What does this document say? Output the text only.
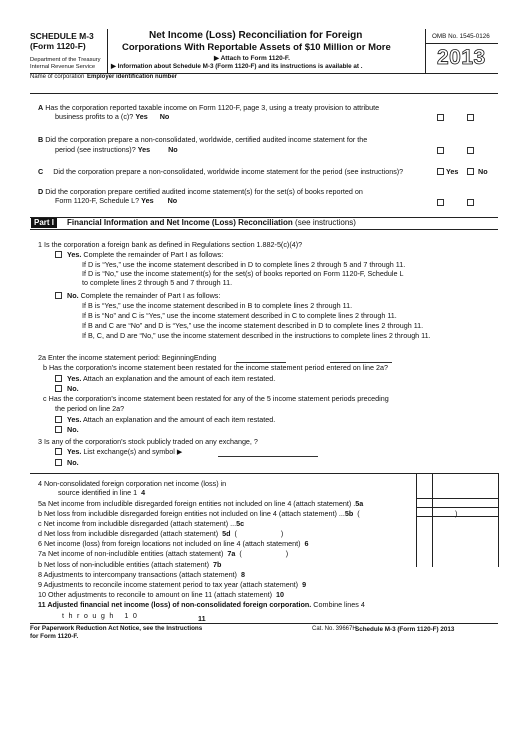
SCHEDULE M-3
(Form 1120-F)
Department of the Treasury
Internal Revenue Service
Net Income (Loss) Reconciliation for Foreign
Corporations With Reportable Assets of $10 Million or More
▶ Attach to Form 1120-F.
▶ Information about Schedule M-3 (Form 1120-F) and its instructions is available at .
OMB No. 1545-0126
2013
Name of corporation Employer identification number
A Has the corporation reported taxable income on Form 1120-F, page 3, using a treaty provision to attribute
business profits to a (c)? Yes No
B Did the corporation prepare a non-consolidated, worldwide, certified audited income statement for the
period (see instructions)? Yes No
C Did the corporation prepare a non-consolidated, worldwide income statement for the period (see instructions)?	Yes	No
D Did the corporation prepare certified audited income statement(s) for the set(s) of books reported on
Form 1120-F, Schedule L? Yes No
Part I	Financial Information and Net Income (Loss) Reconciliation (see instructions)
1 Is the corporation a foreign bank as defined in Regulations section 1.882-5(c)(4)?
Yes. Complete the remainder of Part I as follows:
If D is “Yes,” use the income statement described in D to complete lines 2 through 5 and 7 through 11.
If D is “No,” use the income statement(s) for the set(s) of books reported on Form 1120-F, Schedule L
to complete lines 2 through 5 and 7 through 11.
No. Complete the remainder of Part I as follows:
If B is “Yes,” use the income statement described in B to complete lines 2 through 11.
If B is “No” and C is “Yes,” use the income statement described in C to complete lines 2 through 11.
If B and C are “No” and D is “Yes,” use the income statement described in D to complete lines 2 through 11.
If B, C, and D are “No,” use the income statement described in the instructions to complete lines 2 through 11.
2a Enter the income statement period: BeginningEnding
b Has the corporation's income statement been restated for the income statement period entered on line 2a?
Yes. Attach an explanation and the amount of each item restated.
No.
c Has the corporation's income statement been restated for any of the 5 income statement periods preceding
the period on line 2a?
Yes. Attach an explanation and the amount of each item restated.
No.
3 Is any of the corporation's stock publicly traded on any exchange, ?
Yes. List exchange(s) and symbol ▶
No.
4 Non-consolidated foreign corporation net income (loss) in
source identified in line 1 4
5a Net income from includible disregarded foreign entities not included on line 4 (attach statement) .5a
b Net loss from includible disregarded foreign entities not included on line 4 (attach statement) ...5b  (	)
c Net income from includible disregarded (attach statement) ...5c
d Net loss from includible disregarded (attach statement) 5d  (                      )
6 Net income (loss) from foreign locations not included on line 4 (attach statement) 6
7a Net income of non-includible entities (attach statement) 7a  (                      )
b Net loss of non-includible entities (attach statement) 7b
8 Adjustments to intercompany transactions (attach statement) 8
9 Adjustments to reconcile income statement period to tax year (attach statement) 9
10 Other adjustments to reconcile to amount on line 11 (attach statement) 10
11 Adjusted financial net income (loss) of non-consolidated foreign corporation. Combine lines 4
through 10	11
For Paperwork Reduction Act Notice, see the Instructions
for Form 1120-F.
Cat. No. 39667H
Schedule M-3 (Form 1120-F) 2013
